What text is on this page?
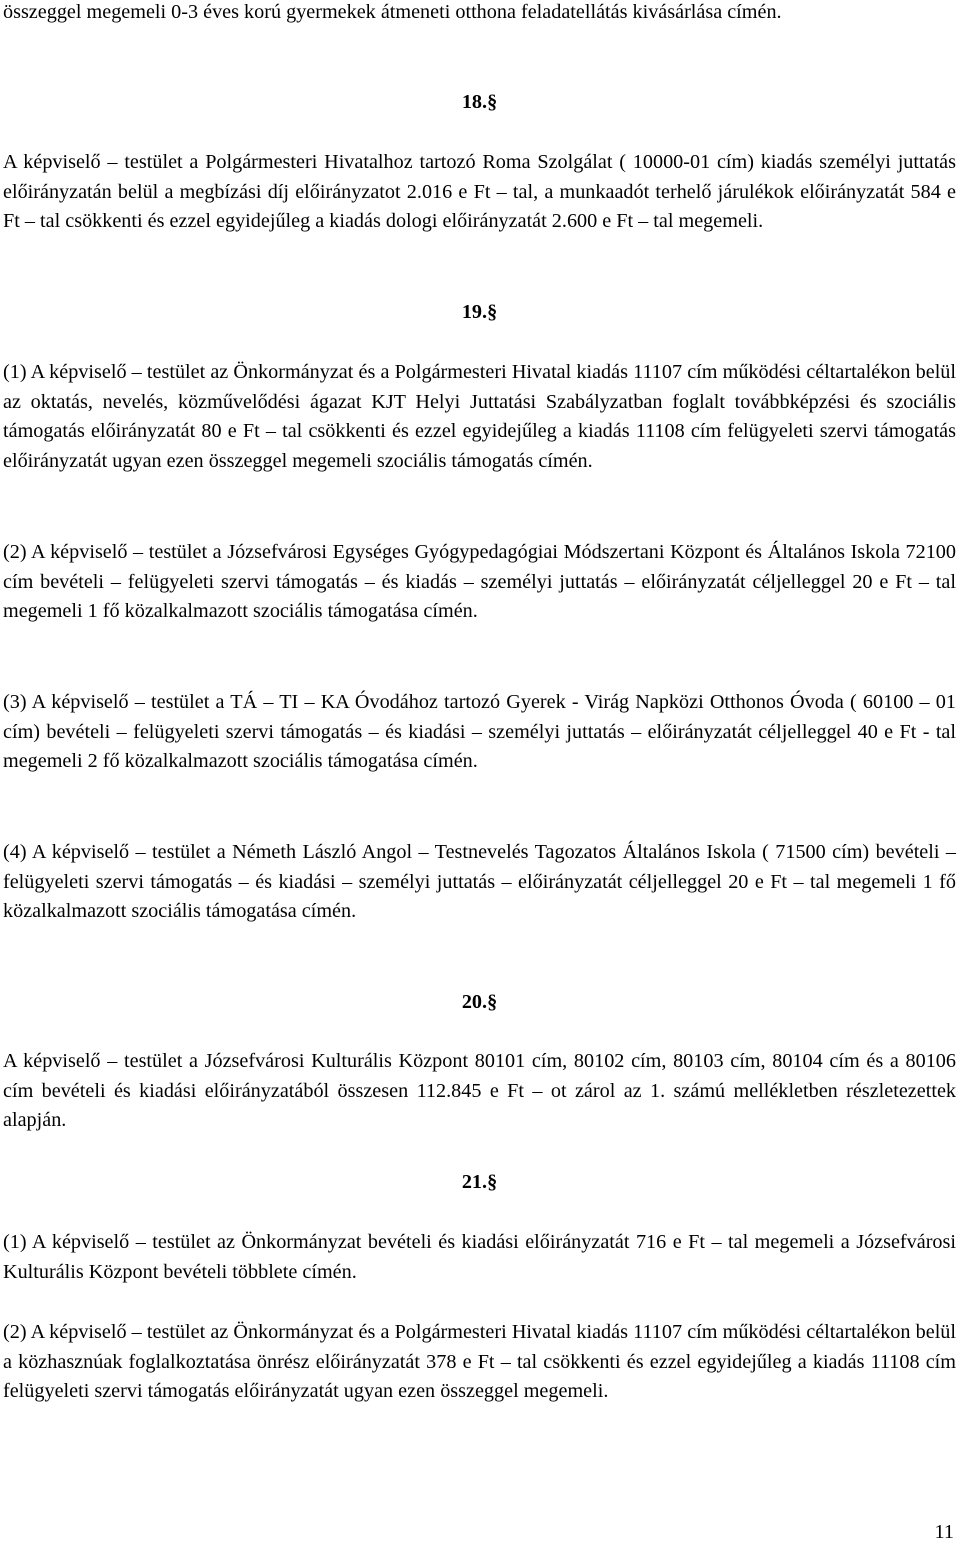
összeggel megemeli 0-3 éves korú gyermekek átmeneti otthona feladatellátás kivásárlása címén.

18.§

A képviselő – testület a Polgármesteri Hivatalhoz tartozó Roma Szolgálat ( 10000-01 cím) kiadás személyi juttatás előirányzatán belül a megbízási díj előirányzatot 2.016 e Ft – tal, a munkaadót terhelő járulékok előirányzatát 584 e Ft – tal csökkenti és ezzel egyidejűleg a kiadás dologi előirányzatát 2.600 e Ft – tal megemeli.

19.§

(1) A képviselő – testület az Önkormányzat és a Polgármesteri Hivatal kiadás 11107 cím működési céltartalékon belül az oktatás, nevelés, közművelődési ágazat KJT Helyi Juttatási Szabályzatban foglalt továbbképzési és szociális támogatás előirányzatát 80 e Ft – tal csökkenti és ezzel egyidejűleg a kiadás 11108 cím felügyeleti szervi támogatás előirányzatát ugyan ezen összeggel megemeli szociális támogatás címén.

(2) A képviselő – testület a Józsefvárosi Egységes Gyógypedagógiai Módszertani Központ és Általános Iskola 72100 cím bevételi – felügyeleti szervi támogatás – és kiadás – személyi juttatás – előirányzatát céljelleggel 20 e Ft – tal megemeli 1 fő közalkalmazott szociális támogatása címén.

(3) A képviselő – testület a TÁ – TI – KA Óvodához tartozó Gyerek - Virág Napközi Otthonos Óvoda ( 60100 – 01 cím) bevételi – felügyeleti szervi támogatás – és kiadási – személyi juttatás – előirányzatát céljelleggel 40 e Ft - tal megemeli 2 fő közalkalmazott szociális támogatása címén.

(4) A képviselő – testület a Németh László Angol – Testnevelés Tagozatos Általános Iskola ( 71500 cím) bevételi – felügyeleti szervi támogatás – és kiadási – személyi juttatás – előirányzatát céljelleggel 20 e Ft – tal megemeli 1 fő közalkalmazott szociális támogatása címén.

20.§

A képviselő – testület a Józsefvárosi Kulturális Központ 80101 cím, 80102 cím, 80103 cím, 80104 cím és a 80106 cím bevételi és kiadási előirányzatából összesen 112.845 e Ft – ot zárol az 1. számú mellékletben részletezettek alapján.

21.§

(1) A képviselő – testület az Önkormányzat bevételi és kiadási előirányzatát 716 e Ft – tal megemeli a Józsefvárosi Kulturális Központ bevételi többlete címén.

(2) A képviselő – testület az Önkormányzat és a Polgármesteri Hivatal kiadás 11107 cím működési céltartalékon belül a közhasznúak foglalkoztatása önrész előirányzatát 378 e Ft – tal csökkenti és ezzel egyidejűleg a kiadás 11108 cím felügyeleti szervi támogatás előirányzatát ugyan ezen összeggel megemeli.

11
